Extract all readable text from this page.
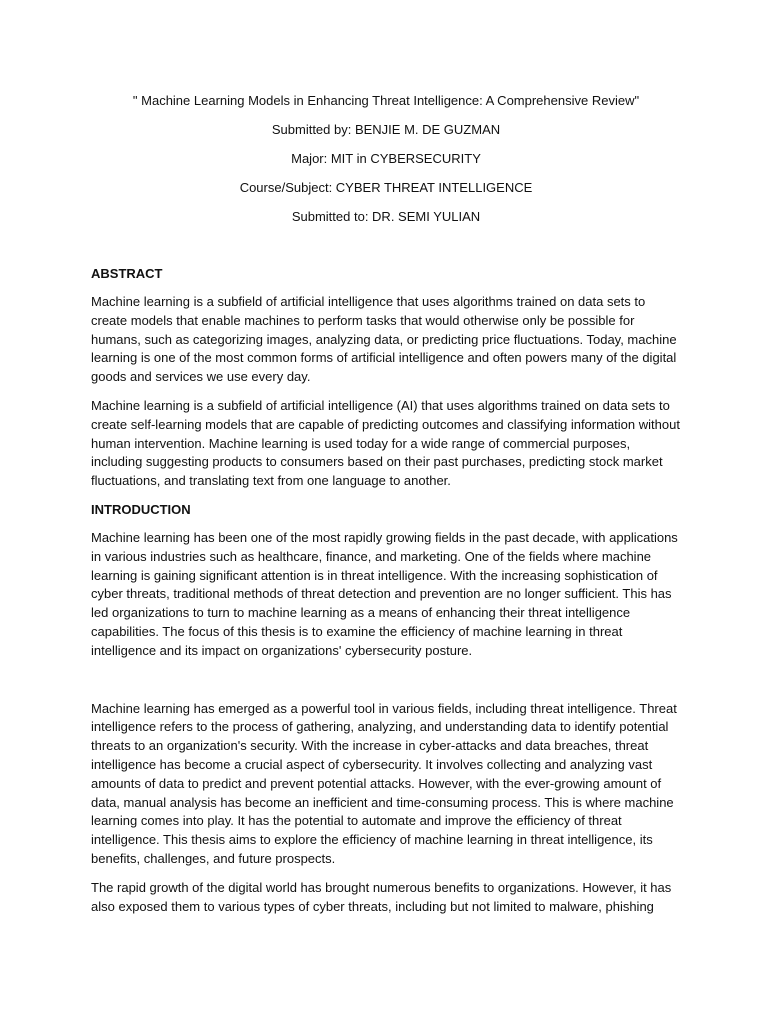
" Machine Learning Models in Enhancing Threat Intelligence: A Comprehensive Review"

Submitted by: BENJIE M. DE GUZMAN

Major: MIT in CYBERSECURITY

Course/Subject: CYBER THREAT INTELLIGENCE

Submitted to: DR. SEMI YULIAN

ABSTRACT

Machine learning is a subfield of artificial intelligence that uses algorithms trained on data sets to create models that enable machines to perform tasks that would otherwise only be possible for humans, such as categorizing images, analyzing data, or predicting price fluctuations. Today, machine learning is one of the most common forms of artificial intelligence and often powers many of the digital goods and services we use every day.

Machine learning is a subfield of artificial intelligence (AI) that uses algorithms trained on data sets to create self-learning models that are capable of predicting outcomes and classifying information without human intervention. Machine learning is used today for a wide range of commercial purposes, including suggesting products to consumers based on their past purchases, predicting stock market fluctuations, and translating text from one language to another.

INTRODUCTION

Machine learning has been one of the most rapidly growing fields in the past decade, with applications in various industries such as healthcare, finance, and marketing. One of the fields where machine learning is gaining significant attention is in threat intelligence. With the increasing sophistication of cyber threats, traditional methods of threat detection and prevention are no longer sufficient. This has led organizations to turn to machine learning as a means of enhancing their threat intelligence capabilities. The focus of this thesis is to examine the efficiency of machine learning in threat intelligence and its impact on organizations' cybersecurity posture.

Machine learning has emerged as a powerful tool in various fields, including threat intelligence. Threat intelligence refers to the process of gathering, analyzing, and understanding data to identify potential threats to an organization's security. With the increase in cyber-attacks and data breaches, threat intelligence has become a crucial aspect of cybersecurity. It involves collecting and analyzing vast amounts of data to predict and prevent potential attacks. However, with the ever-growing amount of data, manual analysis has become an inefficient and time-consuming process. This is where machine learning comes into play. It has the potential to automate and improve the efficiency of threat intelligence. This thesis aims to explore the efficiency of machine learning in threat intelligence, its benefits, challenges, and future prospects.

The rapid growth of the digital world has brought numerous benefits to organizations. However, it has also exposed them to various types of cyber threats, including but not limited to malware, phishing
